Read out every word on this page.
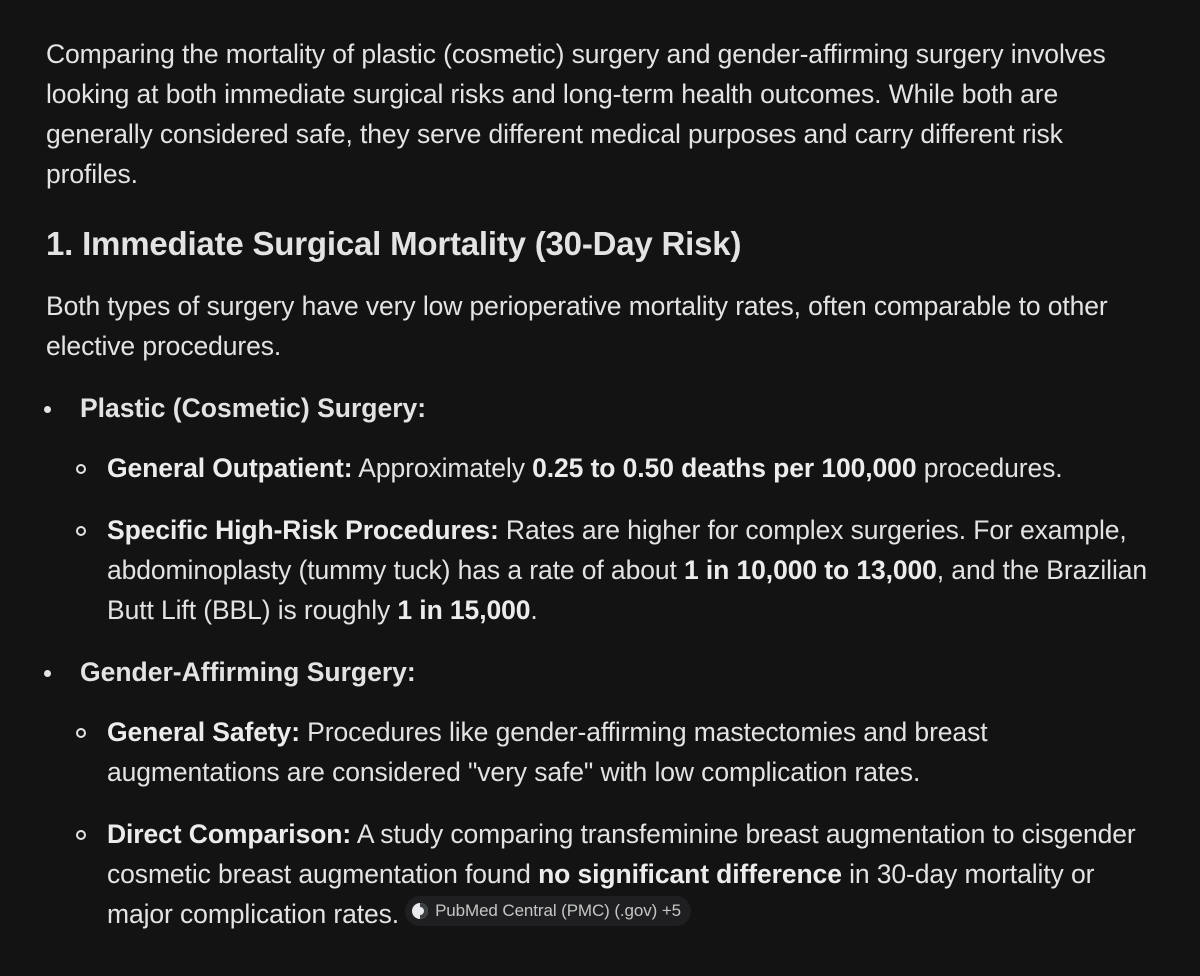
Comparing the mortality of plastic (cosmetic) surgery and gender-affirming surgery involves looking at both immediate surgical risks and long-term health outcomes. While both are generally considered safe, they serve different medical purposes and carry different risk profiles.

1. Immediate Surgical Mortality (30-Day Risk)

Both types of surgery have very low perioperative mortality rates, often comparable to other elective procedures.

Plastic (Cosmetic) Surgery:
General Outpatient: Approximately 0.25 to 0.50 deaths per 100,000 procedures.
Specific High-Risk Procedures: Rates are higher for complex surgeries. For example, abdominoplasty (tummy tuck) has a rate of about 1 in 10,000 to 13,000, and the Brazilian Butt Lift (BBL) is roughly 1 in 15,000.
Gender-Affirming Surgery:
General Safety: Procedures like gender-affirming mastectomies and breast augmentations are considered "very safe" with low complication rates.
Direct Comparison: A study comparing transfeminine breast augmentation to cisgender cosmetic breast augmentation found no significant difference in 30-day mortality or major complication rates. PubMed Central (PMC) (.gov) +5
